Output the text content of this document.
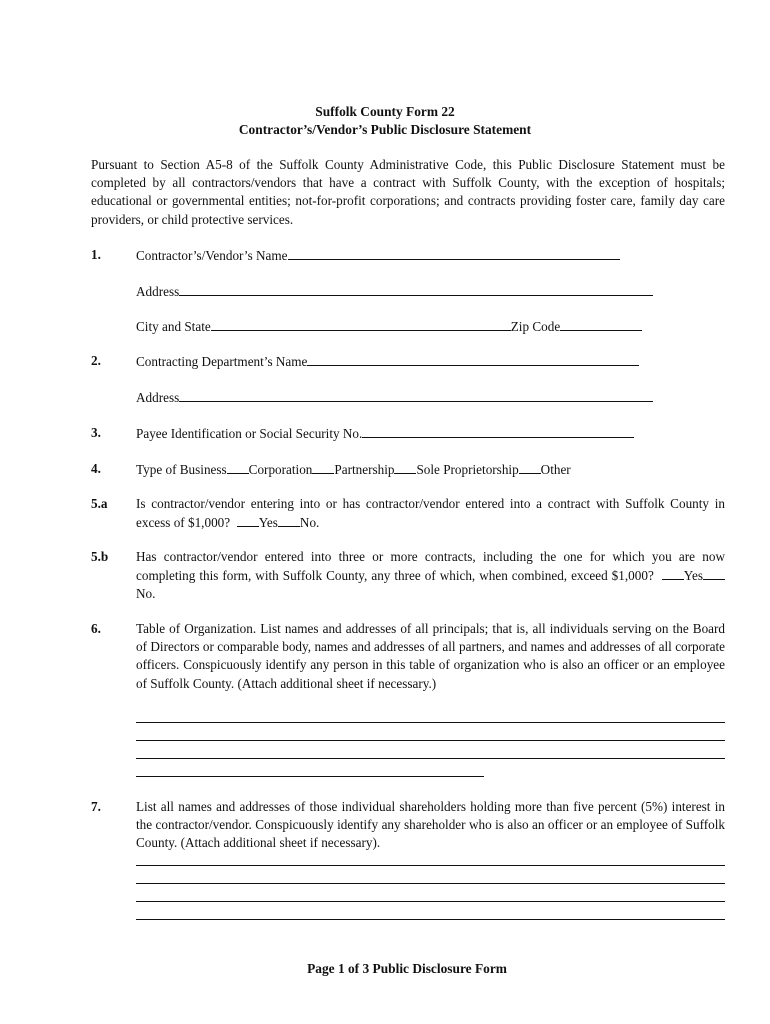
Suffolk County Form 22
Contractor’s/Vendor’s Public Disclosure Statement

Pursuant to Section A5-8 of the Suffolk County Administrative Code, this Public Disclosure Statement must be completed by all contractors/vendors that have a contract with Suffolk County, with the exception of hospitals; educational or governmental entities; not-for-profit corporations; and contracts providing foster care, family day care providers, or child protective services.

1.	Contractor’s/Vendor’s Name
Address
City and State	Zip Code
2.	Contracting Department’s Name
Address
3.	Payee Identification or Social Security No.
4.	Type of Business Corporation Partnership Sole Proprietorship Other
5.a Is contractor/vendor entering into or has contractor/vendor entered into a contract with Suffolk County in excess of $1,000? Yes No.

5.b Has contractor/vendor entered into three or more contracts, including the one for which you are now completing this form, with Suffolk County, any three of which, when combined, exceed $1,000? YesNo.

6.	Table of Organization. List names and addresses of all principals; that is, all individuals serving on the Board of Directors or comparable body, names and addresses of all partners, and names and addresses of all corporate officers. Conspicuously identify any person in this table of organization who is also an officer or an employee of Suffolk County. (Attach additional sheet if necessary.)

7.	List all names and addresses of those individual shareholders holding more than five percent (5%) interest in the contractor/vendor. Conspicuously identify any shareholder who is also an officer or an employee of Suffolk County. (Attach additional sheet if necessary).

Page 1 of 3 Public Disclosure Form
